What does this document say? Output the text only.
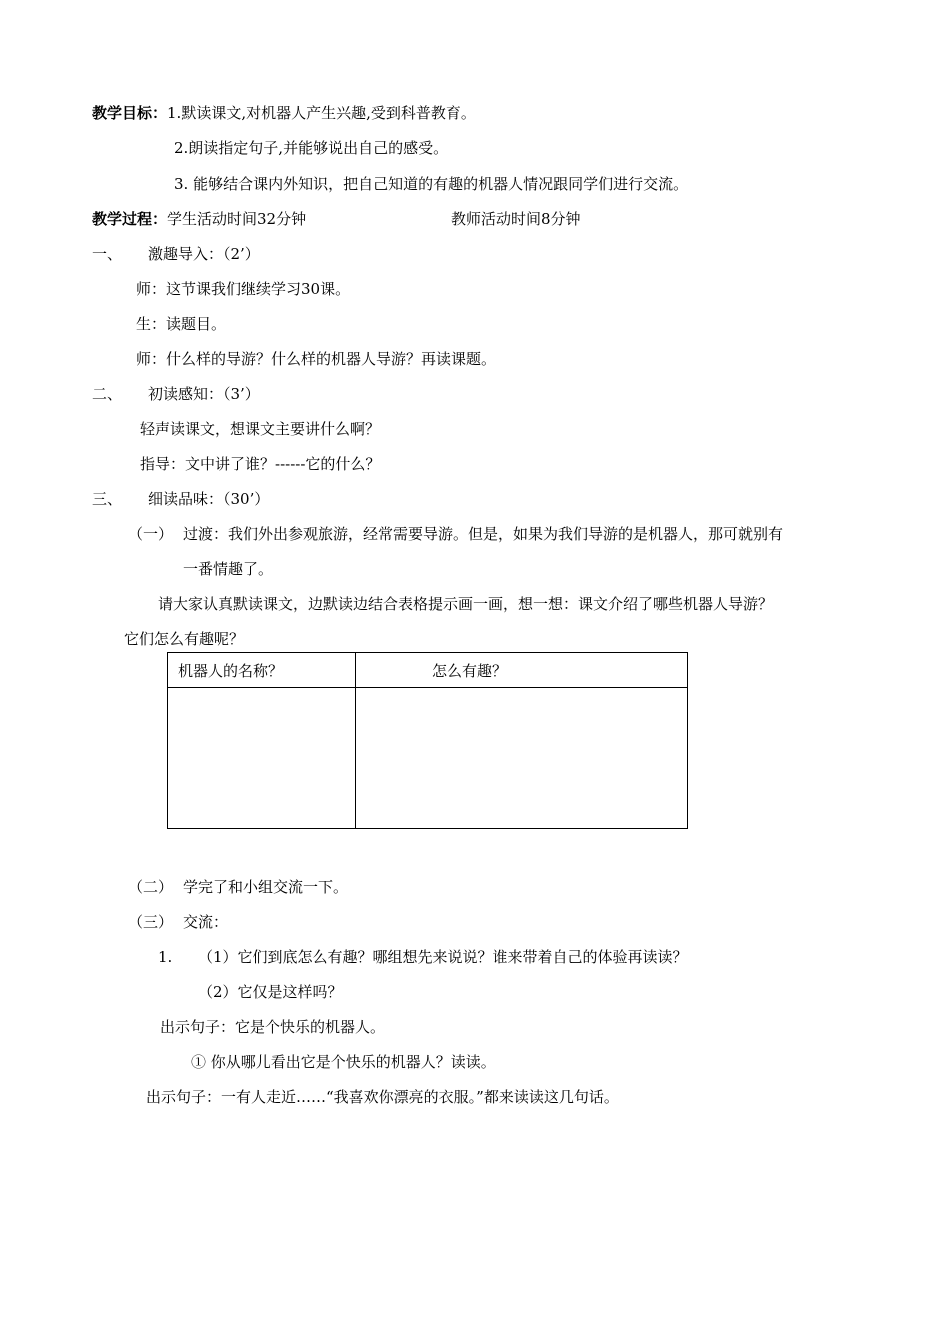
教学目标：1.默读课文,对机器人产生兴趣,受到科普教育。
2.朗读指定句子,并能够说出自己的感受。
3. 能够结合课内外知识，把自己知道的有趣的机器人情况跟同学们进行交流。
教学过程：学生活动时间32分钟	教师活动时间8分钟
一、 激趣导入：（2’）
师：这节课我们继续学习30课。
生：读题目。
师：什么样的导游？什么样的机器人导游？再读课题。
二、 初读感知：（3’）
轻声读课文，想课文主要讲什么啊？
指导：文中讲了谁？------它的什么？
三、 细读品味：（30’）
（一） 过渡：我们外出参观旅游，经常需要导游。但是，如果为我们导游的是机器人，那可就别有
一番情趣了。
请大家认真默读课文，边默读边结合表格提示画一画，想一想：课文介绍了哪些机器人导游？
它们怎么有趣呢？
机器人的名称？	怎么有趣？

（二） 学完了和小组交流一下。
（三） 交流：
1. （1）它们到底怎么有趣？哪组想先来说说？谁来带着自己的体验再读读？
（2）它仅是这样吗？
出示句子：它是个快乐的机器人。
① 你从哪儿看出它是个快乐的机器人？读读。
出示句子：一有人走近……“我喜欢你漂亮的衣服。”都来读读这几句话。
